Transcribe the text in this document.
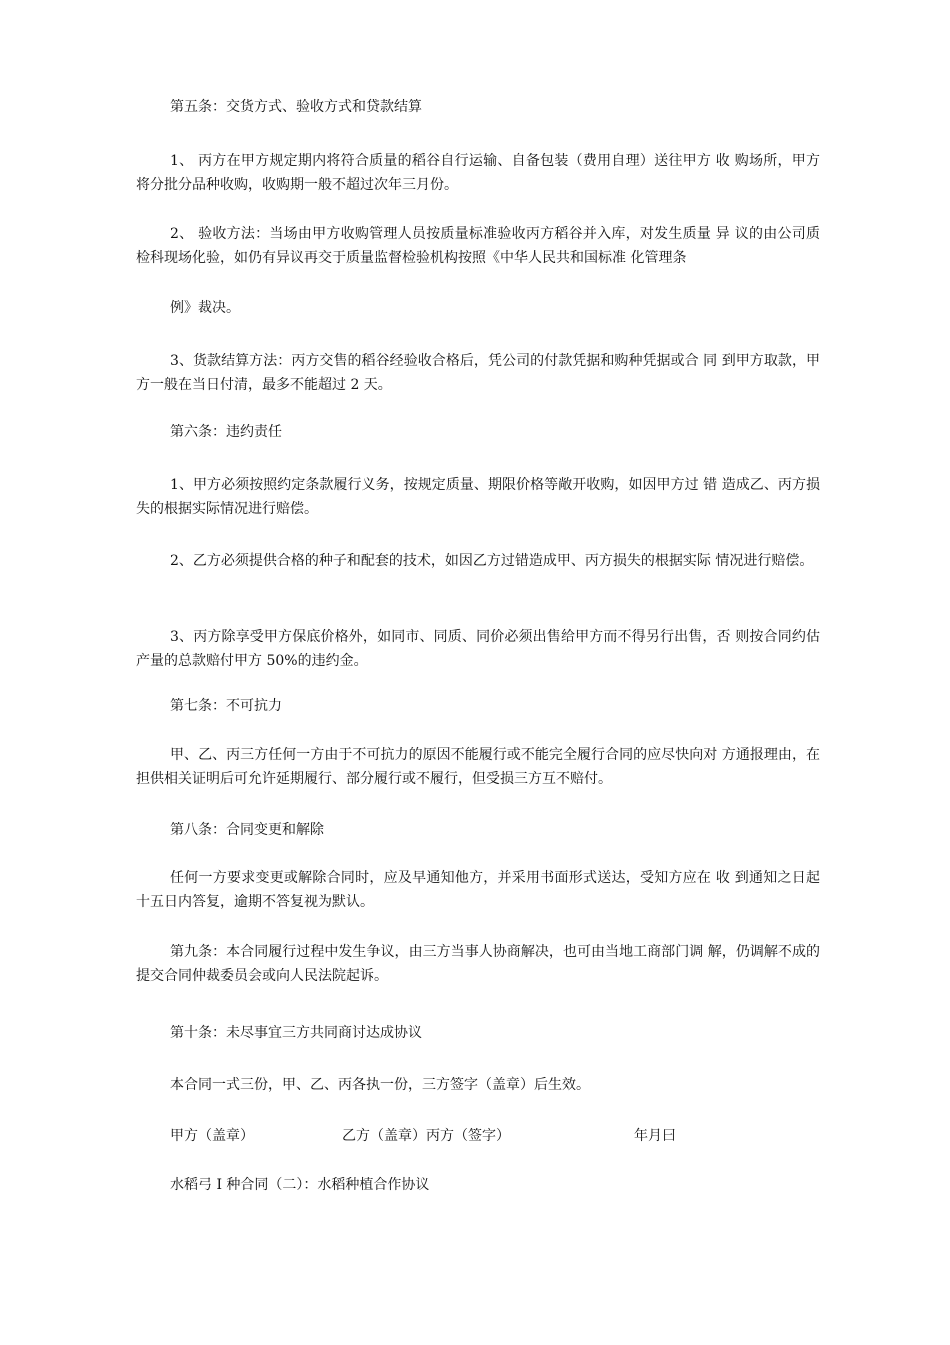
第五条：交货方式、验收方式和贷款结算
1、 丙方在甲方规定期内将符合质量的稻谷自行运输、自备包装（费用自理）送往甲方 收 购场所，甲方将分批分品种收购，收购期一般不超过次年三月份。
2、 验收方法：当场由甲方收购管理人员按质量标准验收丙方稻谷并入库，对发生质量 异 议的由公司质检科现场化验，如仍有异议再交于质量监督检验机构按照《中华人民共和国标准 化管理条
例》裁决。
3、货款结算方法：丙方交售的稻谷经验收合格后，凭公司的付款凭据和购种凭据或合 同 到甲方取款，甲方一般在当日付清，最多不能超过 2 天。
第六条：违约责任
1、甲方必须按照约定条款履行义务，按规定质量、期限价格等敞开收购，如因甲方过 错 造成乙、丙方损失的根据实际情况进行赔偿。
2、乙方必须提供合格的种子和配套的技术，如因乙方过错造成甲、丙方损失的根据实际 情况进行赔偿。
3、丙方除享受甲方保底价格外，如同市、同质、同价必须出售给甲方而不得另行出售，否 则按合同约估产量的总款赔付甲方 50%的违约金。
第七条：不可抗力
甲、乙、丙三方任何一方由于不可抗力的原因不能履行或不能完全履行合同的应尽快向对 方通报理由，在担供相关证明后可允许延期履行、部分履行或不履行，但受损三方互不赔付。
第八条：合同变更和解除
任何一方要求变更或解除合同时，应及早通知他方，并采用书面形式送达，受知方应在 收 到通知之日起十五日内答复，逾期不答复视为默认。
第九条：本合同履行过程中发生争议，由三方当事人协商解决，也可由当地工商部门调 解，仍调解不成的提交合同仲裁委员会或向人民法院起诉。
第十条：未尽事宜三方共同商讨达成协议
本合同一式三份，甲、乙、丙各执一份，三方签字（盖章）后生效。
甲方（盖章）	乙方（盖章）丙方（签字）	年月曰
水稻弓 I 种合同（二）：水稻种植合作协议
